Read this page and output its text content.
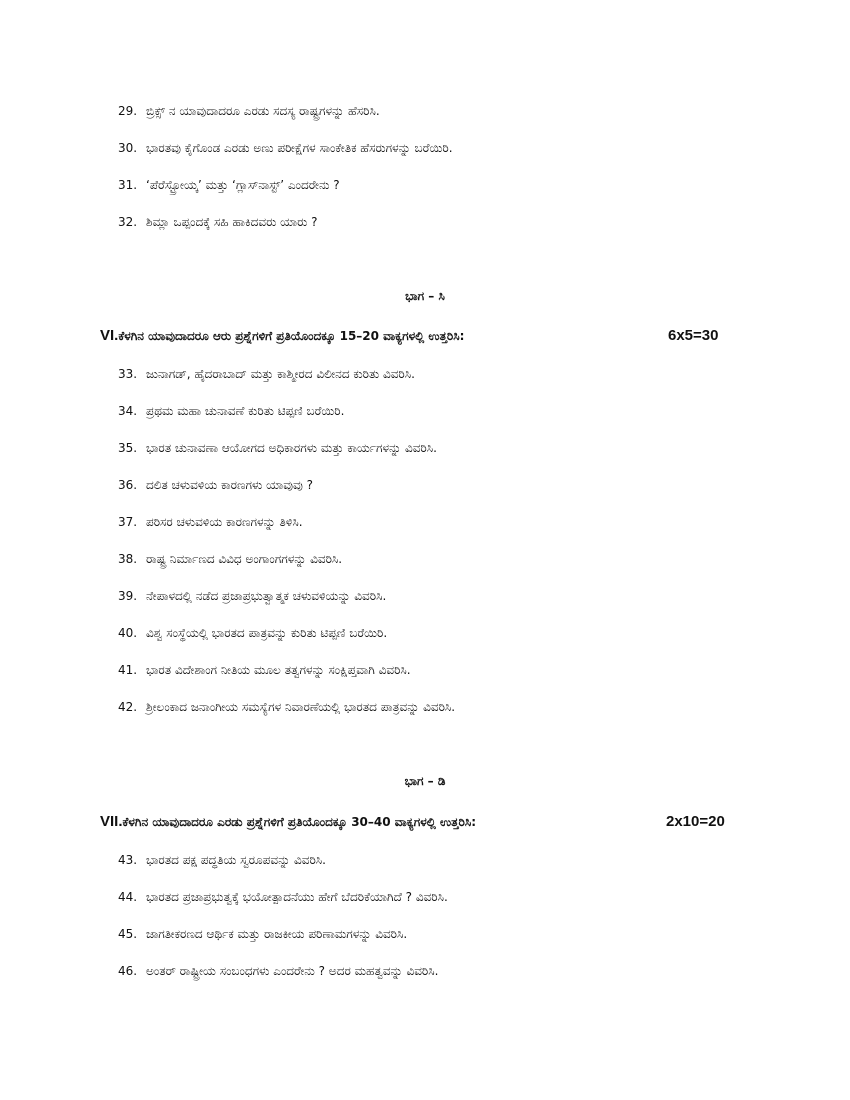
29. ಬ್ರಿಕ್ಸ್ ನ ಯಾವುದಾದರೂ ಎರಡು ಸದಸ್ಯ ರಾಷ್ಟ್ರಗಳನ್ನು ಹೆಸರಿಸಿ.
30. ಭಾರತವು ಕೈಗೊಂಡ ಎರಡು ಅಣು ಪರೀಕ್ಷೆಗಳ ಸಾಂಕೇತಿಕ ಹೆಸರುಗಳನ್ನು ಬರೆಯಿರಿ.
31. ‘ಪೆರೆಸ್ಟ್ರೋಯ್ಕ’ ಮತ್ತು ‘ಗ್ಲಾಸ್‌ನಾಸ್ಟ್’ ಎಂದರೇನು ?
32. ಶಿಮ್ಲಾ ಒಪ್ಪಂದಕ್ಕೆ ಸಹಿ ಹಾಕಿದವರು ಯಾರು ?
ಭಾಗ – ಸಿ
VI.ಕೆಳಗಿನ ಯಾವುದಾದರೂ ಆರು ಪ್ರಶ್ನೆಗಳಿಗೆ ಪ್ರತಿಯೊಂದಕ್ಕೂ 15–20 ವಾಕ್ಯಗಳಲ್ಲಿ ಉತ್ತರಿಸಿ:	6x5=30
33. ಜುನಾಗಡ್, ಹೈದರಾಬಾದ್ ಮತ್ತು ಕಾಶ್ಮೀರದ ವಿಲೀನದ ಕುರಿತು ವಿವರಿಸಿ.
34. ಪ್ರಥಮ ಮಹಾ ಚುನಾವಣೆ ಕುರಿತು ಟಿಪ್ಪಣಿ ಬರೆಯಿರಿ.
35. ಭಾರತ ಚುನಾವಣಾ ಆಯೋಗದ ಅಧಿಕಾರಗಳು ಮತ್ತು ಕಾರ್ಯಗಳನ್ನು ವಿವರಿಸಿ.
36. ದಲಿತ ಚಳುವಳಿಯ ಕಾರಣಗಳು ಯಾವುವು ?
37. ಪರಿಸರ ಚಳುವಳಿಯ ಕಾರಣಗಳನ್ನು ತಿಳಿಸಿ.
38. ರಾಷ್ಟ್ರ ನಿರ್ಮಾಣದ ವಿವಿಧ ಅಂಗಾಂಗಗಳನ್ನು ವಿವರಿಸಿ.
39. ನೇಪಾಳದಲ್ಲಿ ನಡೆದ ಪ್ರಜಾಪ್ರಭುತ್ವಾತ್ಮಕ ಚಳುವಳಿಯನ್ನು ವಿವರಿಸಿ.
40. ವಿಶ್ವ ಸಂಸ್ಥೆಯಲ್ಲಿ ಭಾರತದ ಪಾತ್ರವನ್ನು ಕುರಿತು ಟಿಪ್ಪಣಿ ಬರೆಯಿರಿ.
41. ಭಾರತ ವಿದೇಶಾಂಗ ನೀತಿಯ ಮೂಲ ತತ್ವಗಳನ್ನು ಸಂಕ್ಷಿಪ್ತವಾಗಿ ವಿವರಿಸಿ.
42. ಶ್ರೀಲಂಕಾದ ಜನಾಂಗೀಯ ಸಮಸ್ಯೆಗಳ ನಿವಾರಣೆಯಲ್ಲಿ ಭಾರತದ ಪಾತ್ರವನ್ನು ವಿವರಿಸಿ.
ಭಾಗ – ಡಿ
VII.ಕೆಳಗಿನ ಯಾವುದಾದರೂ ಎರಡು ಪ್ರಶ್ನೆಗಳಿಗೆ ಪ್ರತಿಯೊಂದಕ್ಕೂ 30–40 ವಾಕ್ಯಗಳಲ್ಲಿ ಉತ್ತರಿಸಿ:	2x10=20
43. ಭಾರತದ ಪಕ್ಷ ಪದ್ಧತಿಯ ಸ್ವರೂಪವನ್ನು ವಿವರಿಸಿ.
44. ಭಾರತದ ಪ್ರಜಾಪ್ರಭುತ್ವಕ್ಕೆ ಭಯೋತ್ಪಾದನೆಯು ಹೇಗೆ ಬೆದರಿಕೆಯಾಗಿದೆ ? ವಿವರಿಸಿ.
45. ಜಾಗತೀಕರಣದ ಆರ್ಥಿಕ ಮತ್ತು ರಾಜಕೀಯ ಪರಿಣಾಮಗಳನ್ನು ವಿವರಿಸಿ.
46. ಅಂತರ್ ರಾಷ್ಟ್ರೀಯ ಸಂಬಂಧಗಳು ಎಂದರೇನು ? ಅದರ ಮಹತ್ವವನ್ನು ವಿವರಿಸಿ.
